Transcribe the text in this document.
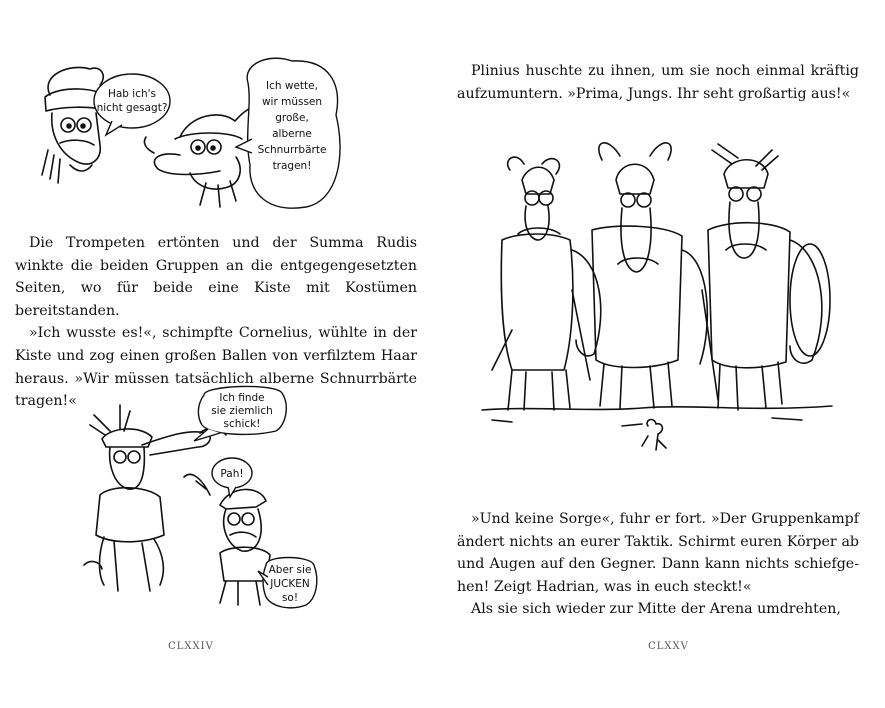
Hab ich's
nicht gesagt?
Ich wette,
wir müssen
große,
alberne
Schnurrbärte
tragen!

Die Trompeten ertönten und der Summa Rudis winkte die beiden Gruppen an die entgegengesetzten Seiten, wo für beide eine Kiste mit Kostümen bereitstanden.

»Ich wusste es!«, schimpfte Cornelius, wühlte in der Kiste und zog einen großen Ballen von verfilztem Haar heraus. »Wir müssen tatsächlich alberne Schnurrbärte tragen!«	Ich finde
sie ziemlich
schick!
Pah!
Aber sie
JUCKEN
so!
CLXXIV

Plinius huschte zu ihnen, um sie noch einmal kräftig aufzumuntern. »Prima, Jungs. Ihr seht großartig aus!«

»Und keine Sorge«, fuhr er fort. »Der Gruppenkampf ändert nichts an eurer Taktik. Schirmt euren Körper ab und Augen auf den Gegner. Dann kann nichts schiefge-hen! Zeigt Hadrian, was in euch steckt!«

Als sie sich wieder zur Mitte der Arena umdrehten,

CLXXV
